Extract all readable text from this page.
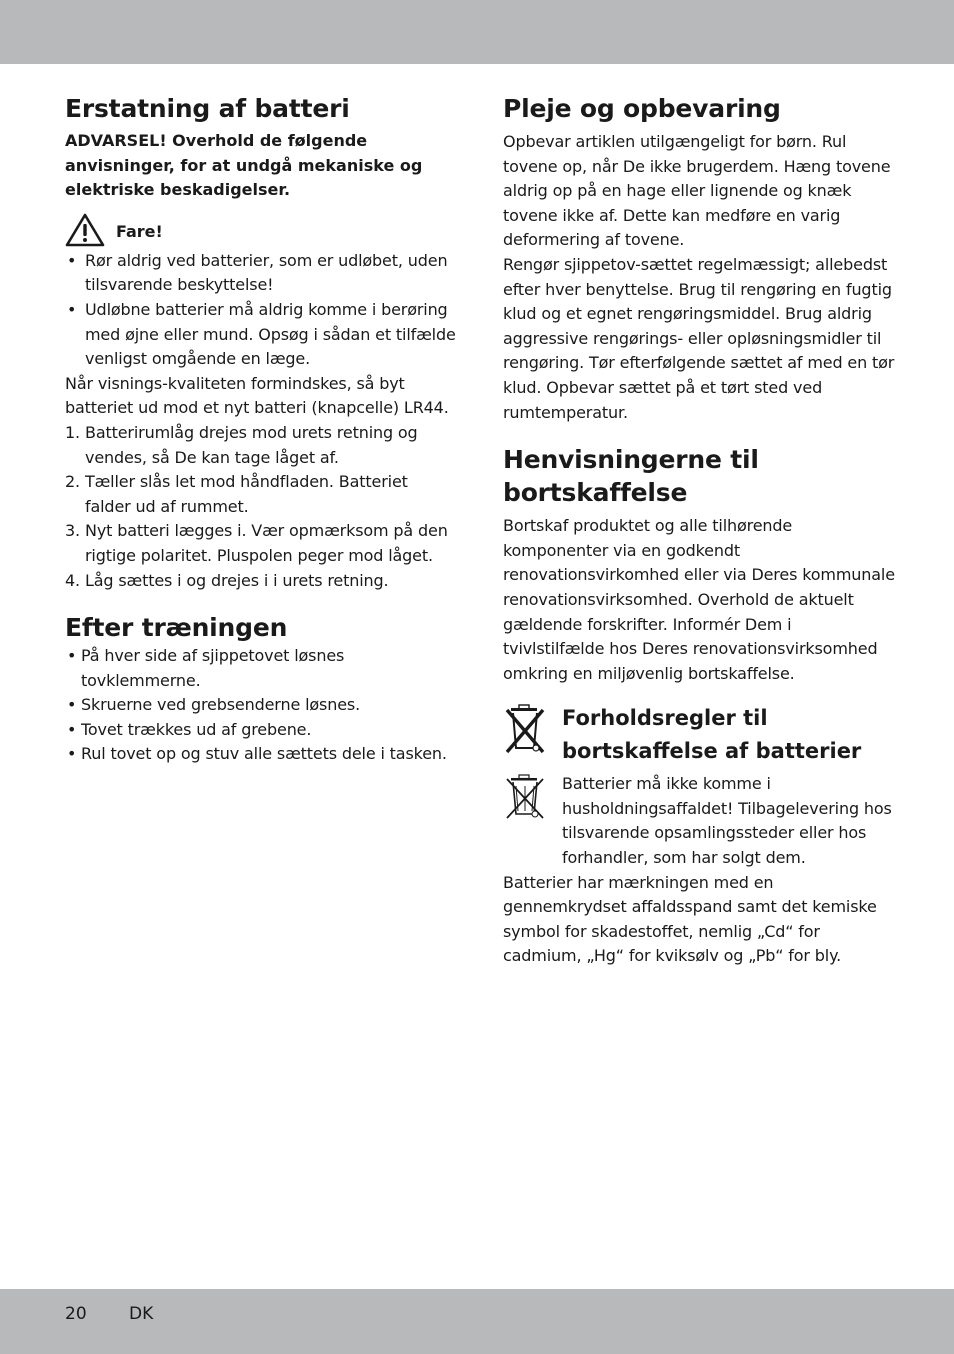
Erstatning af batteri

ADVARSEL! Overhold de følgende anvisninger, for at undgå mekaniske og elektriske beskadigelser.

Fare!
• Rør aldrig ved batterier, som er udløbet, uden tilsvarende beskyttelse!
• Udløbne batterier må aldrig komme i berøring med øjne eller mund. Opsøg i sådan et tilfælde venligst omgående en læge.

Når visnings-kvaliteten formindskes, så byt batteriet ud mod et nyt batteri (knapcelle) LR44.

1. Batterirumlåg drejes mod urets retning og vendes, så De kan tage låget af.
2. Tæller slås let mod håndfladen. Batteriet falder ud af rummet.
3. Nyt batteri lægges i. Vær opmærksom på den rigtige polaritet. Pluspolen peger mod låget.
4. Låg sættes i og drejes i i urets retning.
Efter træningen
• På hver side af sjippetovet løsnes tovklemmerne.
• Skruerne ved grebsenderne løsnes.
• Tovet trækkes ud af grebene.
• Rul tovet op og stuv alle sættets dele i tasken.
Pleje og opbevaring

Opbevar artiklen utilgængeligt for børn. Rul tovene op, når De ikke brugerdem. Hæng tovene aldrig op på en hage eller lignende og knæk tovene ikke af. Dette kan medføre en varig deformering af tovene.

Rengør sjippetov-sættet regelmæssigt; allebedst efter hver benyttelse. Brug til rengøring en fugtig klud og et egnet rengøringsmiddel. Brug aldrig aggressive rengørings- eller opløsningsmidler til rengøring. Tør efterfølgende sættet af med en tør klud. Opbevar sættet på et tørt sted ved rumtemperatur.

Henvisningerne til
bortskaffelse

Bortskaf produktet og alle tilhørende komponenter via en godkendt renovationsvirkomhed eller via Deres kommunale renovationsvirksomhed. Overhold de aktuelt gældende forskrifter. Informér Dem i tvivlstilfælde hos Deres renovationsvirksomhed omkring en miljøvenlig bortskaffelse.

Forholdsregler til
bortskaffelse af batterier

Batterier må ikke komme i husholdningsaffaldet! Tilbagelevering hos tilsvarende opsamlingssteder eller hos forhandler, som har solgt dem.

Batterier har mærkningen med en gennemkrydset affaldsspand samt det kemiske symbol for skadestoffet, nemlig „Cd“ for cadmium, „Hg“ for kviksølv og „Pb“ for bly.

20 DK
